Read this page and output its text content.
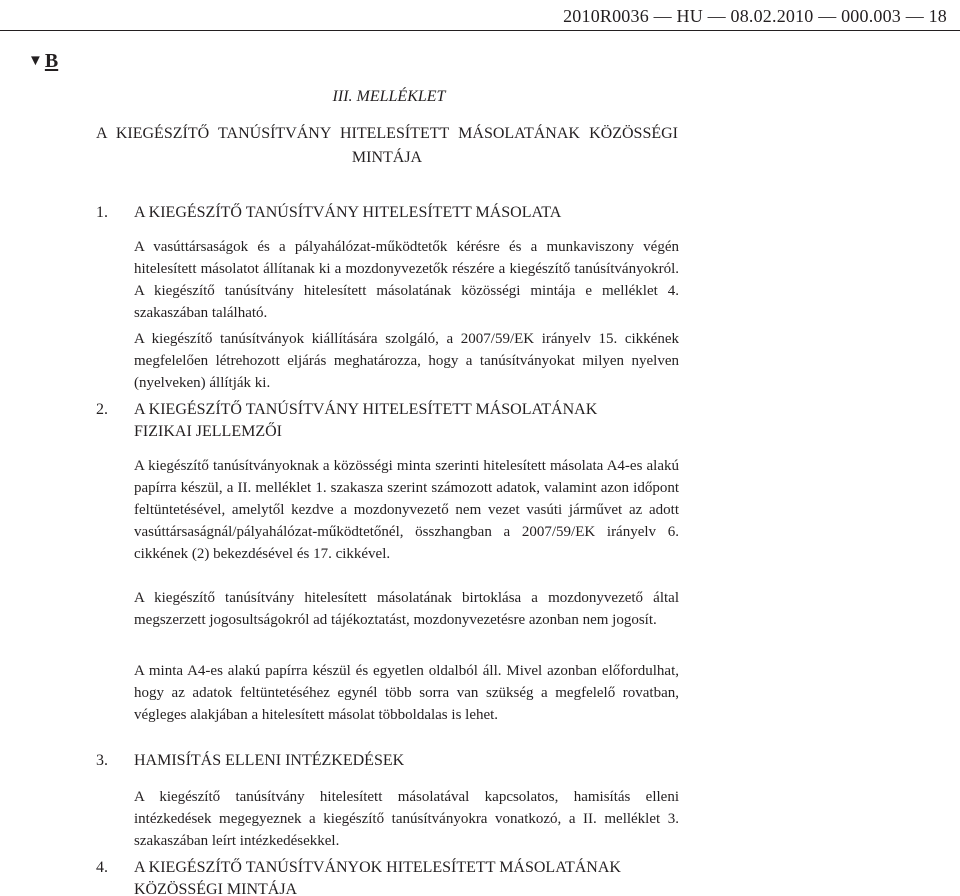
2010R0036 — HU — 08.02.2010 — 000.003 — 18
▼ B
III. MELLÉKLET
A KIEGÉSZÍTŐ TANÚSÍTVÁNY HITELESÍTETT MÁSOLATÁNAK KÖZÖSSÉGI MINTÁJA
1. A KIEGÉSZÍTŐ TANÚSÍTVÁNY HITELESÍTETT MÁSOLATA
A vasúttársaságok és a pályahálózat-működtetők kérésre és a munkaviszony végén hitelesített másolatot állítanak ki a mozdonyvezetők részére a kiegészítő tanúsítványokról. A kiegészítő tanúsítvány hitelesített másolatának közösségi mintája e melléklet 4. szakaszában található.
A kiegészítő tanúsítványok kiállítására szolgáló, a 2007/59/EK irányelv 15. cikkének megfelelően létrehozott eljárás meghatározza, hogy a tanúsítványokat milyen nyelven (nyelveken) állítják ki.
2. A KIEGÉSZÍTŐ TANÚSÍTVÁNY HITELESÍTETT MÁSOLATÁNAK
FIZIKAI JELLEMZŐI
A kiegészítő tanúsítványoknak a közösségi minta szerinti hitelesített másolata A4-es alakú papírra készül, a II. melléklet 1. szakasza szerint számozott adatok, valamint azon időpont feltüntetésével, amelytől kezdve a mozdonyvezető nem vezet vasúti járművet az adott vasúttársaságnál/pályahálózat-működtetőnél, összhangban a 2007/59/EK irányelv 6. cikkének (2) bekezdésével és 17. cikkével.
A kiegészítő tanúsítvány hitelesített másolatának birtoklása a mozdonyvezető által megszerzett jogosultságokról ad tájékoztatást, mozdonyvezetésre azonban nem jogosít.
A minta A4-es alakú papírra készül és egyetlen oldalból áll. Mivel azonban előfordulhat, hogy az adatok feltüntetéséhez egynél több sorra van szükség a megfelelő rovatban, végleges alakjában a hitelesített másolat többoldalas is lehet.
3. HAMISÍTÁS ELLENI INTÉZKEDÉSEK
A kiegészítő tanúsítvány hitelesített másolatával kapcsolatos, hamisítás elleni intézkedések megegyeznek a kiegészítő tanúsítványokra vonatkozó, a II. melléklet 3. szakaszában leírt intézkedésekkel.
4. A KIEGÉSZÍTŐ TANÚSÍTVÁNYOK HITELESÍTETT MÁSOLATÁNAK
KÖZÖSSÉGI MINTÁJA
